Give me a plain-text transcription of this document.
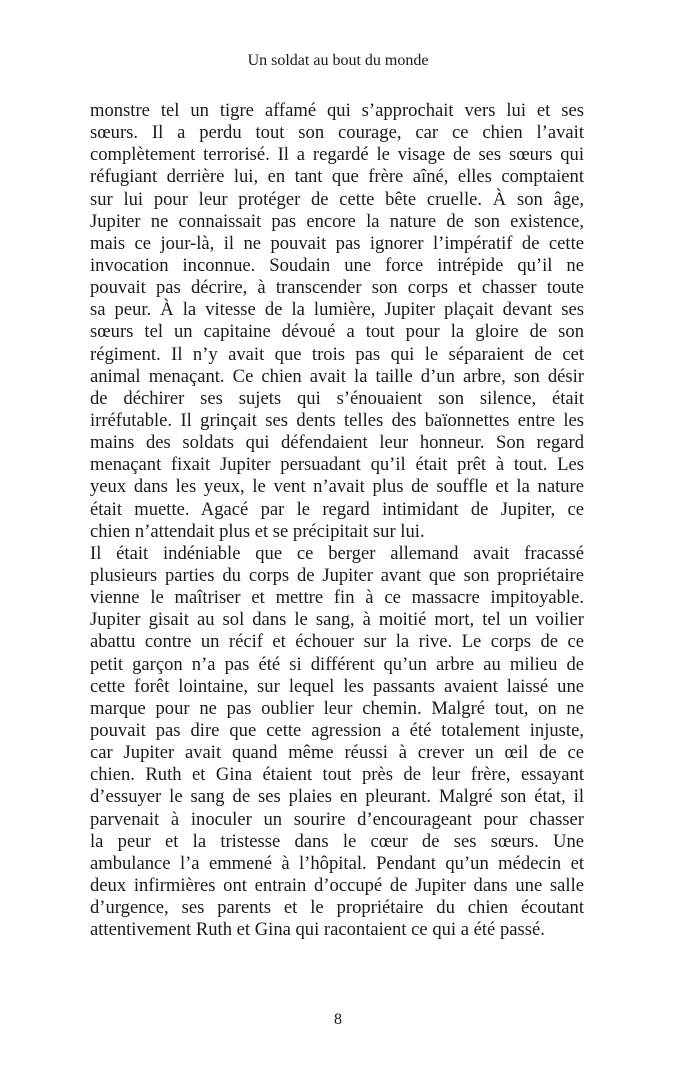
Un soldat au bout du monde
monstre tel un tigre affamé qui s’approchait vers lui et ses
sœurs. Il a perdu tout son courage, car ce chien l’avait
complètement terrorisé. Il a regardé le visage de ses sœurs qui
réfugiant derrière lui, en tant que frère aîné, elles comptaient
sur lui pour leur protéger de cette bête cruelle. À son âge,
Jupiter ne connaissait pas encore la nature de son existence,
mais ce jour-là, il ne pouvait pas ignorer l’impératif de cette
invocation inconnue. Soudain une force intrépide qu’il ne
pouvait pas décrire, à transcender son corps et chasser toute
sa peur. À la vitesse de la lumière, Jupiter plaçait devant ses
sœurs tel un capitaine dévoué a tout pour la gloire de son
régiment. Il n’y avait que trois pas qui le séparaient de cet
animal menaçant. Ce chien avait la taille d’un arbre, son désir
de déchirer ses sujets qui s’énouaient son silence, était
irréfutable. Il grinçait ses dents telles des baïonnettes entre les
mains des soldats qui défendaient leur honneur. Son regard
menaçant fixait Jupiter persuadant qu’il était prêt à tout. Les
yeux dans les yeux, le vent n’avait plus de souffle et la nature
était muette. Agacé par le regard intimidant de Jupiter, ce
chien n’attendait plus et se précipitait sur lui.
Il était indéniable que ce berger allemand avait fracassé
plusieurs parties du corps de Jupiter avant que son propriétaire
vienne le maîtriser et mettre fin à ce massacre impitoyable.
Jupiter gisait au sol dans le sang, à moitié mort, tel un voilier
abattu contre un récif et échouer sur la rive. Le corps de ce
petit garçon n’a pas été si différent qu’un arbre au milieu de
cette forêt lointaine, sur lequel les passants avaient laissé une
marque pour ne pas oublier leur chemin. Malgré tout, on ne
pouvait pas dire que cette agression a été totalement injuste,
car Jupiter avait quand même réussi à crever un œil de ce
chien. Ruth et Gina étaient tout près de leur frère, essayant
d’essuyer le sang de ses plaies en pleurant. Malgré son état, il
parvenait à inoculer un sourire d’encourageant pour chasser
la peur et la tristesse dans le cœur de ses sœurs. Une
ambulance l’a emmené à l’hôpital. Pendant qu’un médecin et
deux infirmières ont entrain d’occupé de Jupiter dans une salle
d’urgence, ses parents et le propriétaire du chien écoutant
attentivement Ruth et Gina qui racontaient ce qui a été passé.
8
